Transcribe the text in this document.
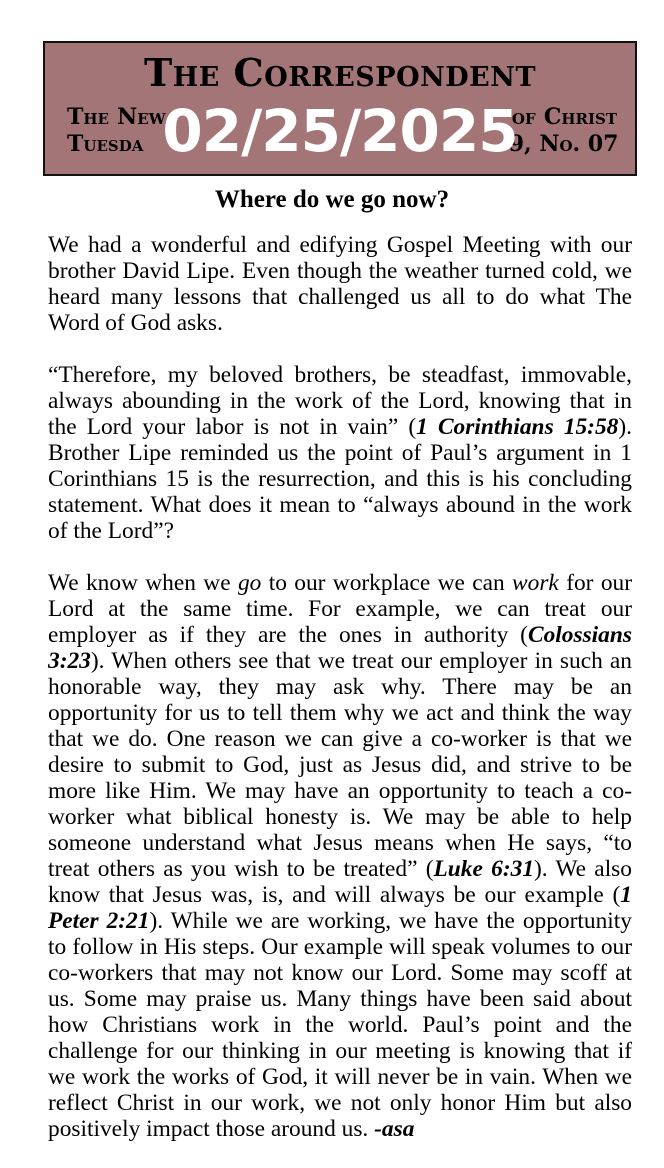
The Correspondent
The New	of Christ
Tuesda	9, No. 07
02/25/2025
Where do we go now?

We had a wonderful and edifying Gospel Meeting with our brother David Lipe. Even though the weather turned cold, we heard many lessons that challenged us all to do what The Word of God asks.

“Therefore, my beloved brothers, be steadfast, immovable, always abounding in the work of the Lord, knowing that in the Lord your labor is not in vain” (1 Corinthians 15:58). Brother Lipe reminded us the point of Paul’s argument in 1 Corinthians 15 is the resurrection, and this is his concluding statement. What does it mean to “always abound in the work of the Lord”?

We know when we go to our workplace we can work for our Lord at the same time. For example, we can treat our employer as if they are the ones in authority (Colossians 3:23). When others see that we treat our employer in such an honorable way, they may ask why. There may be an opportunity for us to tell them why we act and think the way that we do. One reason we can give a co-worker is that we desire to submit to God, just as Jesus did, and strive to be more like Him. We may have an opportunity to teach a co-worker what biblical honesty is. We may be able to help someone understand what Jesus means when He says, “to treat others as you wish to be treated” (Luke 6:31). We also know that Jesus was, is, and will always be our example (1 Peter 2:21). While we are working, we have the opportunity to follow in His steps. Our example will speak volumes to our co-workers that may not know our Lord. Some may scoff at us. Some may praise us. Many things have been said about how Christians work in the world. Paul’s point and the challenge for our thinking in our meeting is knowing that if we work the works of God, it will never be in vain. When we reflect Christ in our work, we not only honor Him but also positively impact those around us. -asa
